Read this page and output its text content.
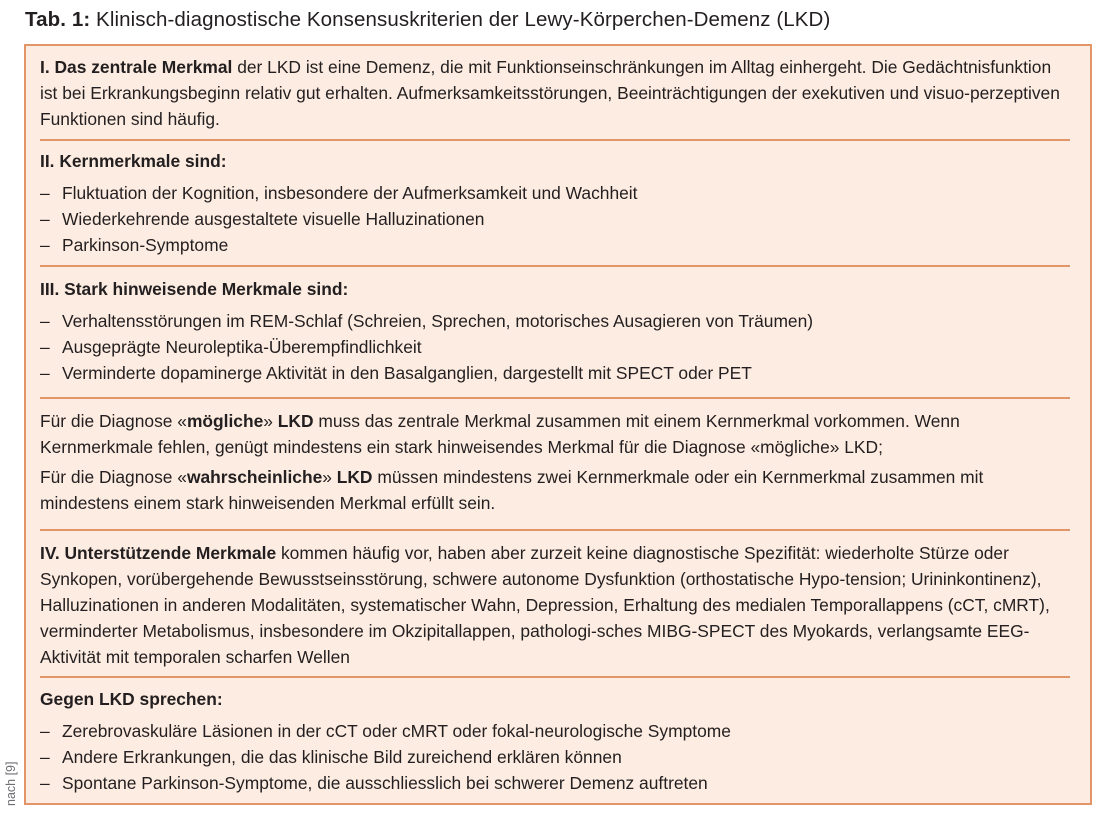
Tab. 1: Klinisch-diagnostische Konsensuskriterien der Lewy-Körperchen-Demenz (LKD)

I. Das zentrale Merkmal der LKD ist eine Demenz, die mit Funktionseinschränkungen im Alltag einhergeht. Die Gedächtnisfunktion ist bei Erkrankungsbeginn relativ gut erhalten. Aufmerksamkeitsstörungen, Beeinträchtigungen der exekutiven und visuo-perzeptiven Funktionen sind häufig.

II. Kernmerkmale sind:
– Fluktuation der Kognition, insbesondere der Aufmerksamkeit und Wachheit
– Wiederkehrende ausgestaltete visuelle Halluzinationen
– Parkinson-Symptome
III. Stark hinweisende Merkmale sind:
– Verhaltensstörungen im REM-Schlaf (Schreien, Sprechen, motorisches Ausagieren von Träumen)
– Ausgeprägte Neuroleptika-Überempfindlichkeit
– Verminderte dopaminerge Aktivität in den Basalganglien, dargestellt mit SPECT oder PET

Für die Diagnose «mögliche» LKD muss das zentrale Merkmal zusammen mit einem Kernmerkmal vorkommen. Wenn Kernmerkmale fehlen, genügt mindestens ein stark hinweisendes Merkmal für die Diagnose «mögliche» LKD;

Für die Diagnose «wahrscheinliche» LKD müssen mindestens zwei Kernmerkmale oder ein Kernmerkmal zusammen mit mindestens einem stark hinweisenden Merkmal erfüllt sein.

IV. Unterstützende Merkmale kommen häufig vor, haben aber zurzeit keine diagnostische Spezifität: wiederholte Stürze oder Synkopen, vorübergehende Bewusstseinsstörung, schwere autonome Dysfunktion (orthostatische Hypo-tension; Urininkontinenz), Halluzinationen in anderen Modalitäten, systematischer Wahn, Depression, Erhaltung des medialen Temporallappens (cCT, cMRT), verminderter Metabolismus, insbesondere im Okzipitallappen, pathologi-sches MIBG-SPECT des Myokards, verlangsamte EEG-Aktivität mit temporalen scharfen Wellen

Gegen LKD sprechen:
– Zerebrovaskuläre Läsionen in der cCT oder cMRT oder fokal-neurologische Symptome
– Andere Erkrankungen, die das klinische Bild zureichend erklären können
– Spontane Parkinson-Symptome, die ausschliesslich bei schwerer Demenz auftreten
nach [9]
